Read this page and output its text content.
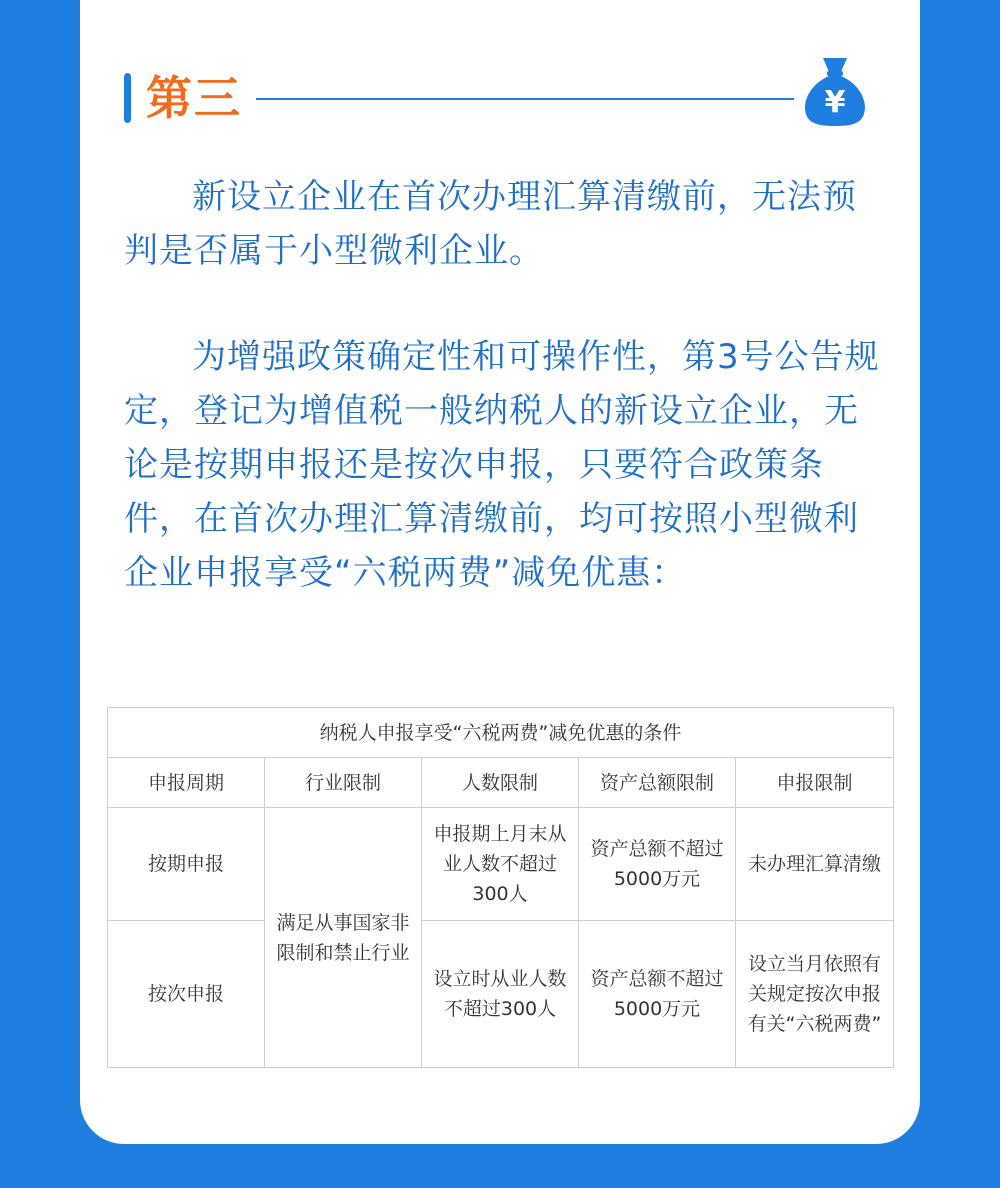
第三	¥
新设立企业在首次办理汇算清缴前，无法预判是否属于小型微利企业。
为增强政策确定性和可操作性，第3号公告规定，登记为增值税一般纳税人的新设立企业，无论是按期申报还是按次申报，只要符合政策条件，在首次办理汇算清缴前，均可按照小型微利企业申报享受“六税两费”减免优惠：
纳税人申报享受“六税两费”减免优惠的条件				
申报周期	行业限制	人数限制	资产总额限制	申报限制
按期申报	满足从事国家非限制和禁止行业	申报期上月末从业人数不超过300人	资产总额不超过5000万元	未办理汇算清缴
按次申报		设立时从业人数不超过300人	资产总额不超过5000万元	设立当月依照有关规定按次申报有关“六税两费”
